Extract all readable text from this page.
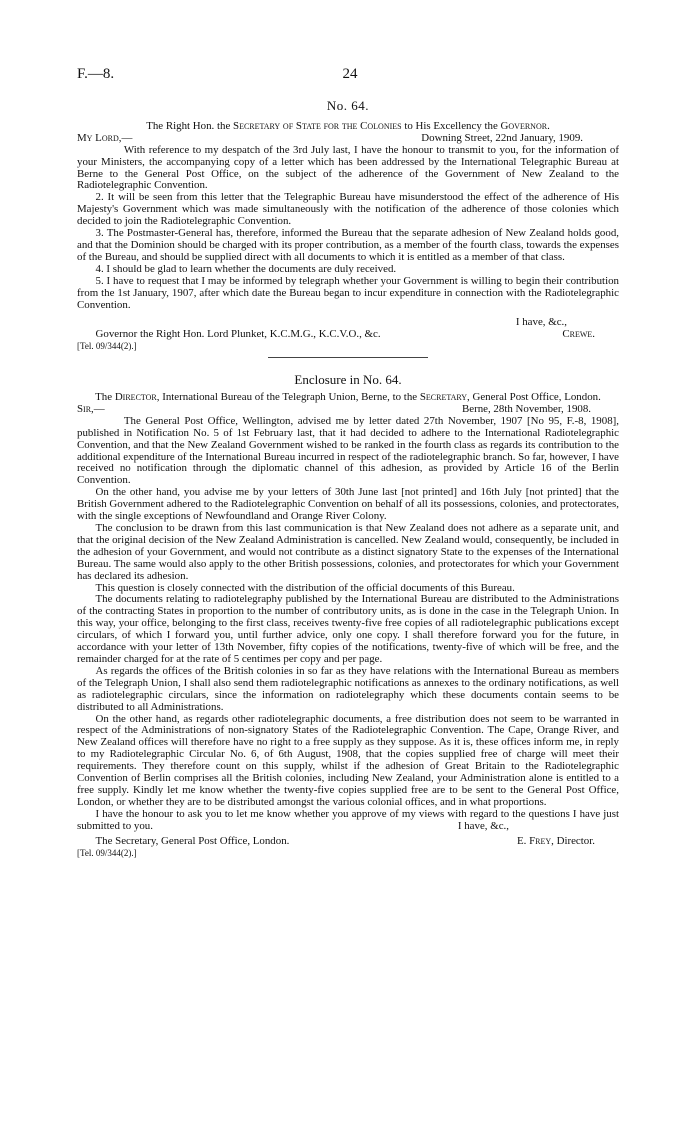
F.—8.	24

No. 64.

The Right Hon. the Secretary of State for the Colonies to His Excellency the Governor.

My Lord,—	Downing Street, 22nd January, 1909.

With reference to my despatch of the 3rd July last, I have the honour to transmit to you, for the information of your Ministers, the accompanying copy of a letter which has been addressed by the International Telegraphic Bureau at Berne to the General Post Office, on the subject of the adherence of the Government of New Zealand to the Radiotelegraphic Convention.

2. It will be seen from this letter that the Telegraphic Bureau have misunderstood the effect of the adherence of His Majesty's Government which was made simultaneously with the notification of the adherence of those colonies which decided to join the Radiotelegraphic Convention.

3. The Postmaster-General has, therefore, informed the Bureau that the separate adhesion of New Zealand holds good, and that the Dominion should be charged with its proper contribution, as a member of the fourth class, towards the expenses of the Bureau, and should be supplied direct with all documents to which it is entitled as a member of that class.

4. I should be glad to learn whether the documents are duly received.

5. I have to request that I may be informed by telegraph whether your Government is willing to begin their contribution from the 1st January, 1907, after which date the Bureau began to incur expenditure in connection with the Radiotelegraphic Convention.

I have, &c.,
Governor the Right Hon. Lord Plunket, K.C.M.G., K.C.V.O., &c.	Crewe.
[Tel. 09/344(2).]

Enclosure in No. 64.

The Director, International Bureau of the Telegraph Union, Berne, to the Secretary, General Post Office, London.

Sir,—	Berne, 28th November, 1908.

The General Post Office, Wellington, advised me by letter dated 27th November, 1907 [No 95, F.-8, 1908], published in Notification No. 5 of 1st February last, that it had decided to adhere to the International Radiotelegraphic Convention, and that the New Zealand Government wished to be ranked in the fourth class as regards its contribution to the additional expenditure of the International Bureau incurred in respect of the radiotelegraphic branch. So far, however, I have received no notification through the diplomatic channel of this adhesion, as provided by Article 16 of the Berlin Convention.

On the other hand, you advise me by your letters of 30th June last [not printed] and 16th July [not printed] that the British Government adhered to the Radiotelegraphic Convention on behalf of all its possessions, colonies, and protectorates, with the single exceptions of Newfoundland and Orange River Colony.

The conclusion to be drawn from this last communication is that New Zealand does not adhere as a separate unit, and that the original decision of the New Zealand Administration is cancelled. New Zealand would, consequently, be included in the adhesion of your Government, and would not contribute as a distinct signatory State to the expenses of the International Bureau. The same would also apply to the other British possessions, colonies, and protectorates for which your Government has declared its adhesion.

This question is closely connected with the distribution of the official documents of this Bureau.

The documents relating to radiotelegraphy published by the International Bureau are distributed to the Administrations of the contracting States in proportion to the number of contributory units, as is done in the case in the Telegraph Union. In this way, your office, belonging to the first class, receives twenty-five free copies of all radiotelegraphic publications except circulars, of which I forward you, until further advice, only one copy. I shall therefore forward you for the future, in accordance with your letter of 13th November, fifty copies of the notifications, twenty-five of which will be free, and the remainder charged for at the rate of 5 centimes per copy and per page.

As regards the offices of the British colonies in so far as they have relations with the International Bureau as members of the Telegraph Union, I shall also send them radiotelegraphic notifications as annexes to the ordinary notifications, as well as radiotelegraphic circulars, since the information on radiotelegraphy which these documents contain seems to be distributed to all Administrations.

On the other hand, as regards other radiotelegraphic documents, a free distribution does not seem to be warranted in respect of the Administrations of non-signatory States of the Radiotelegraphic Convention. The Cape, Orange River, and New Zealand offices will therefore have no right to a free supply as they suppose. As it is, these offices inform me, in reply to my Radiotelegraphic Circular No. 6, of 6th August, 1908, that the copies supplied free of charge will meet their requirements. They therefore count on this supply, whilst if the adhesion of Great Britain to the Radiotelegraphic Convention of Berlin comprises all the British colonies, including New Zealand, your Administration alone is entitled to a free supply. Kindly let me know whether the twenty-five copies supplied free are to be sent to the General Post Office, London, or whether they are to be distributed amongst the various colonial offices, and in what proportions.

I have the honour to ask you to let me know whether you approve of my views with regard to the questions I have just submitted to you.	I have, &c.,
The Secretary, General Post Office, London.	E. Frey, Director.
[Tel. 09/344(2).]
